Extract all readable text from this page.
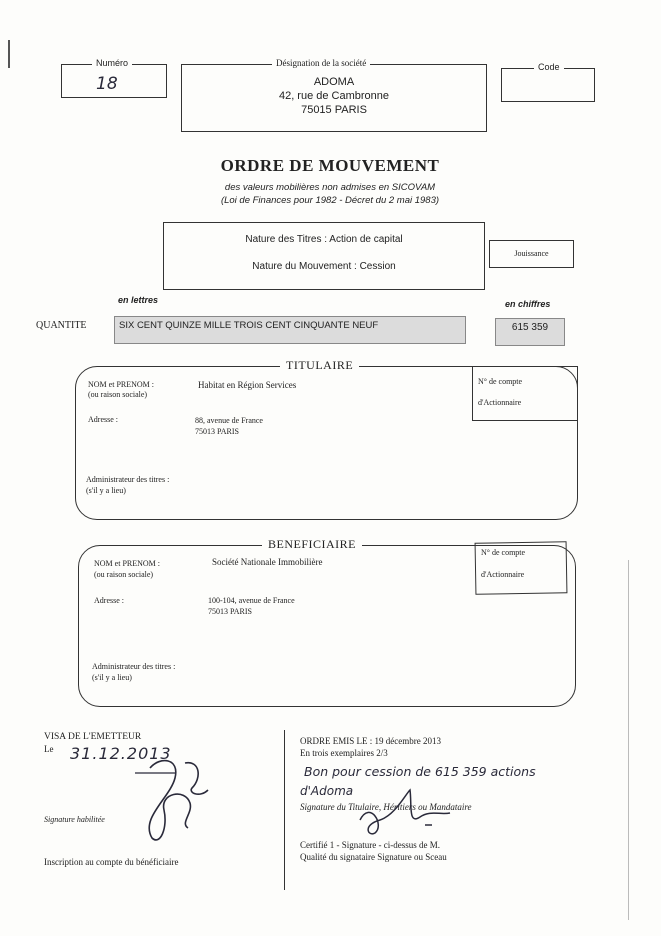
Numéro
18
Désignation de la société
ADOMA
42, rue de Cambronne
75015 PARIS
Code
ORDRE DE MOUVEMENT
des valeurs mobilières non admises en SICOVAM
(Loi de Finances pour 1982 - Décret du 2 mai 1983)
Nature des Titres : Action de capital
Nature du Mouvement : Cession
Jouissance
en lettres	en chiffres
QUANTITE	SIX CENT QUINZE MILLE TROIS CENT CINQUANTE NEUF	615 359
TITULAIRE
N° de compte
d'Actionnaire
NOM et PRENOM :
(ou raison sociale)
Habitat en Région Services
Adresse :	88, avenue de France
75013 PARIS
Administrateur des titres :
(s'il y a lieu)
BENEFICIAIRE
N° de compte
d'Actionnaire
NOM et PRENOM :
(ou raison sociale)
Société Nationale Immobilière
Adresse :	100-104, avenue de France
75013 PARIS
Administrateur des titres :
(s'il y a lieu)
VISA DE L'EMETTEUR
Le 31.12.2013
Signature habilitée
Inscription au compte du bénéficiaire
ORDRE EMIS LE : 19 décembre 2013
En trois exemplaires 2/3
Bon pour cession de 615 359 actions
d'Adoma
Signature du Titulaire, Héritiers ou Mandataire
Certifié 1 - Signature - ci-dessus de M.
Qualité du signataire Signature ou Sceau
